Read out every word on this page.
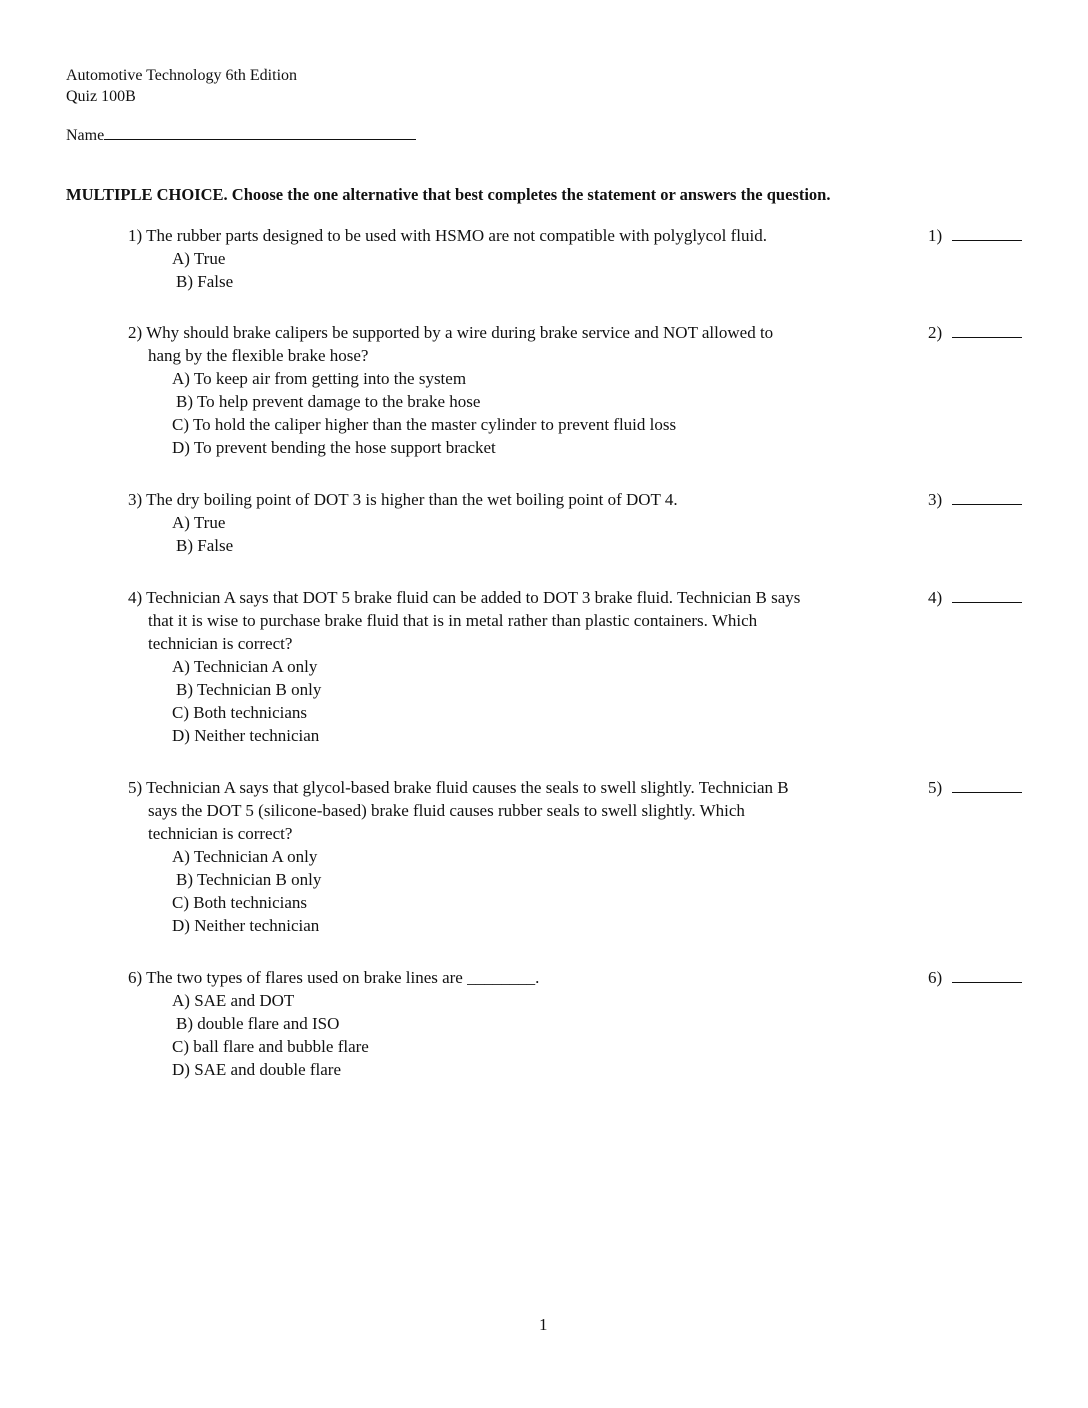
Automotive Technology 6th Edition
Quiz 100B
Name
MULTIPLE CHOICE. Choose the one alternative that best completes the statement or answers the question.
1) The rubber parts designed to be used with HSMO are not compatible with polyglycol fluid.
A) True
B) False
1)
2) Why should brake calipers be supported by a wire during brake service and NOT allowed to
hang by the flexible brake hose?
A) To keep air from getting into the system
B) To help prevent damage to the brake hose
C) To hold the caliper higher than the master cylinder to prevent fluid loss
D) To prevent bending the hose support bracket
2)
3) The dry boiling point of DOT 3 is higher than the wet boiling point of DOT 4.
A) True
B) False
3)
4) Technician A says that DOT 5 brake fluid can be added to DOT 3 brake fluid. Technician B says
that it is wise to purchase brake fluid that is in metal rather than plastic containers. Which
technician is correct?
A) Technician A only
B) Technician B only
C) Both technicians
D) Neither technician
4)
5) Technician A says that glycol-based brake fluid causes the seals to swell slightly. Technician B
says the DOT 5 (silicone-based) brake fluid causes rubber seals to swell slightly. Which
technician is correct?
A) Technician A only
B) Technician B only
C) Both technicians
D) Neither technician
5)
6) The two types of flares used on brake lines are ________.
A) SAE and DOT
B) double flare and ISO
C) ball flare and bubble flare
D) SAE and double flare
6)
1
